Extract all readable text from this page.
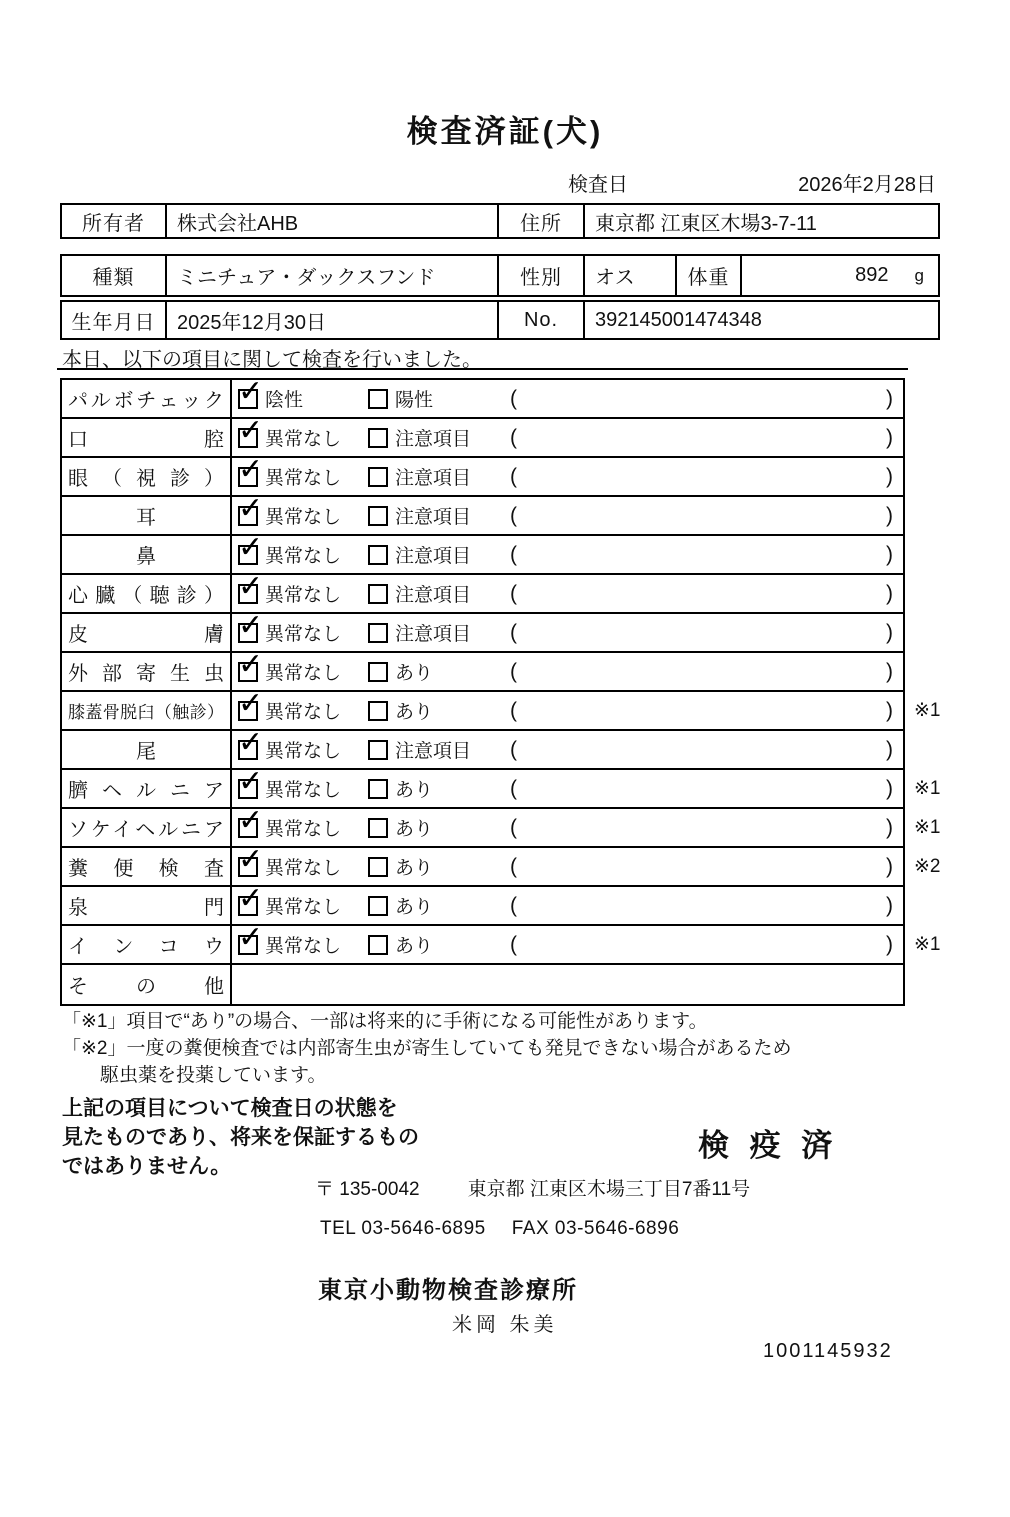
検査済証(犬)
検査日	2026年2月28日
所有者	株式会社AHB	住所	東京都 江東区木場3-7-11
種類	ミニチュア・ダックスフンド	性別	オス	体重	892 g
生年月日	2025年12月30日	No.	392145001474348
本日、以下の項目に関して検査を行いました。
パルボチェック ✓ 陰性	陽性	(	)
口 腔 ✓ 異常なし	注意項目 (	)
眼 （ 視 診 ） ✓ 異常なし	注意項目 (	)
耳	✓ 異常なし	注意項目 (	)
鼻	✓ 異常なし	注意項目 (	)
心 臓 （ 聴 診 ） ✓ 異常なし	注意項目 (	)
皮 膚 ✓ 異常なし	注意項目 (	)
外 部 寄 生 虫 ✓ 異常なし	あり	(	)
膝蓋骨脱臼（触診） ✓ 異常なし	あり	(	) ※1
尾	✓ 異常なし	注意項目 (	)
臍 ヘ ル ニ ア ✓ 異常なし	あり	(	) ※1
ソケイヘルニア ✓ 異常なし	あり	(	) ※1
糞 便 検 査 ✓ 異常なし	あり	(	) ※2
泉 門 ✓ 異常なし	あり	(	)
イ ン コ ウ ✓ 異常なし	あり	(	) ※1
そ の 他
「※1」項目で“あり”の場合、一部は将来的に手術になる可能性があります。
「※2」一度の糞便検査では内部寄生虫が寄生していても発見できない場合があるため
駆虫薬を投薬しています。
上記の項目について検査日の状態を
見たものであり、将来を保証するもの
ではありません。
検 疫 済
〒 135-0042	東京都 江東区木場三丁目7番11号
TEL 03-5646-6895 FAX 03-5646-6896
東京小動物検査診療所
米岡 朱美
1001145932
